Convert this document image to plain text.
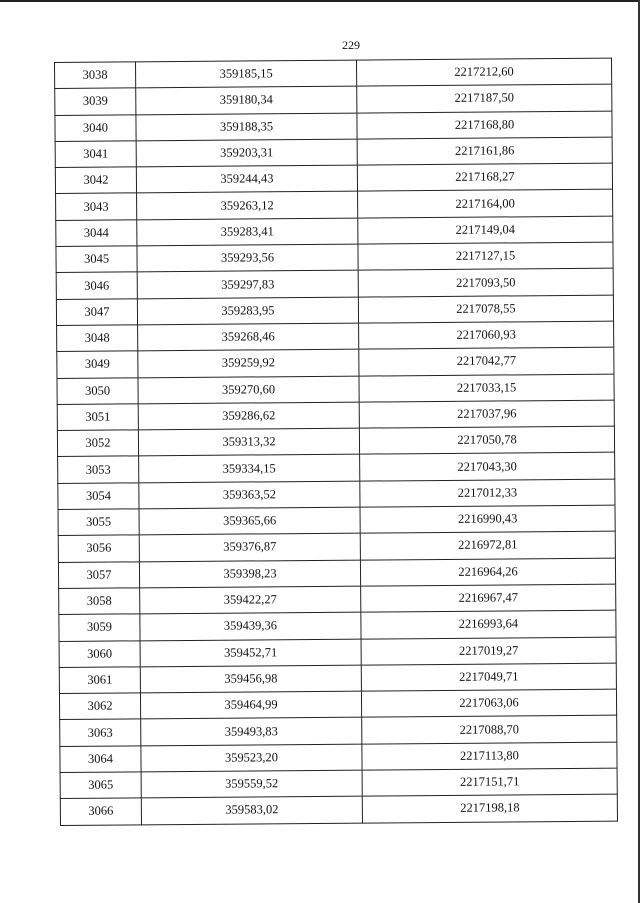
229
3038	359185,15	2217212,60
3039	359180,34	2217187,50
3040	359188,35	2217168,80
3041	359203,31	2217161,86
3042	359244,43	2217168,27
3043	359263,12	2217164,00
3044	359283,41	2217149,04
3045	359293,56	2217127,15
3046	359297,83	2217093,50
3047	359283,95	2217078,55
3048	359268,46	2217060,93
3049	359259,92	2217042,77
3050	359270,60	2217033,15
3051	359286,62	2217037,96
3052	359313,32	2217050,78
3053	359334,15	2217043,30
3054	359363,52	2217012,33
3055	359365,66	2216990,43
3056	359376,87	2216972,81
3057	359398,23	2216964,26
3058	359422,27	2216967,47
3059	359439,36	2216993,64
3060	359452,71	2217019,27
3061	359456,98	2217049,71
3062	359464,99	2217063,06
3063	359493,83	2217088,70
3064	359523,20	2217113,80
3065	359559,52	2217151,71
3066	359583,02	2217198,18
